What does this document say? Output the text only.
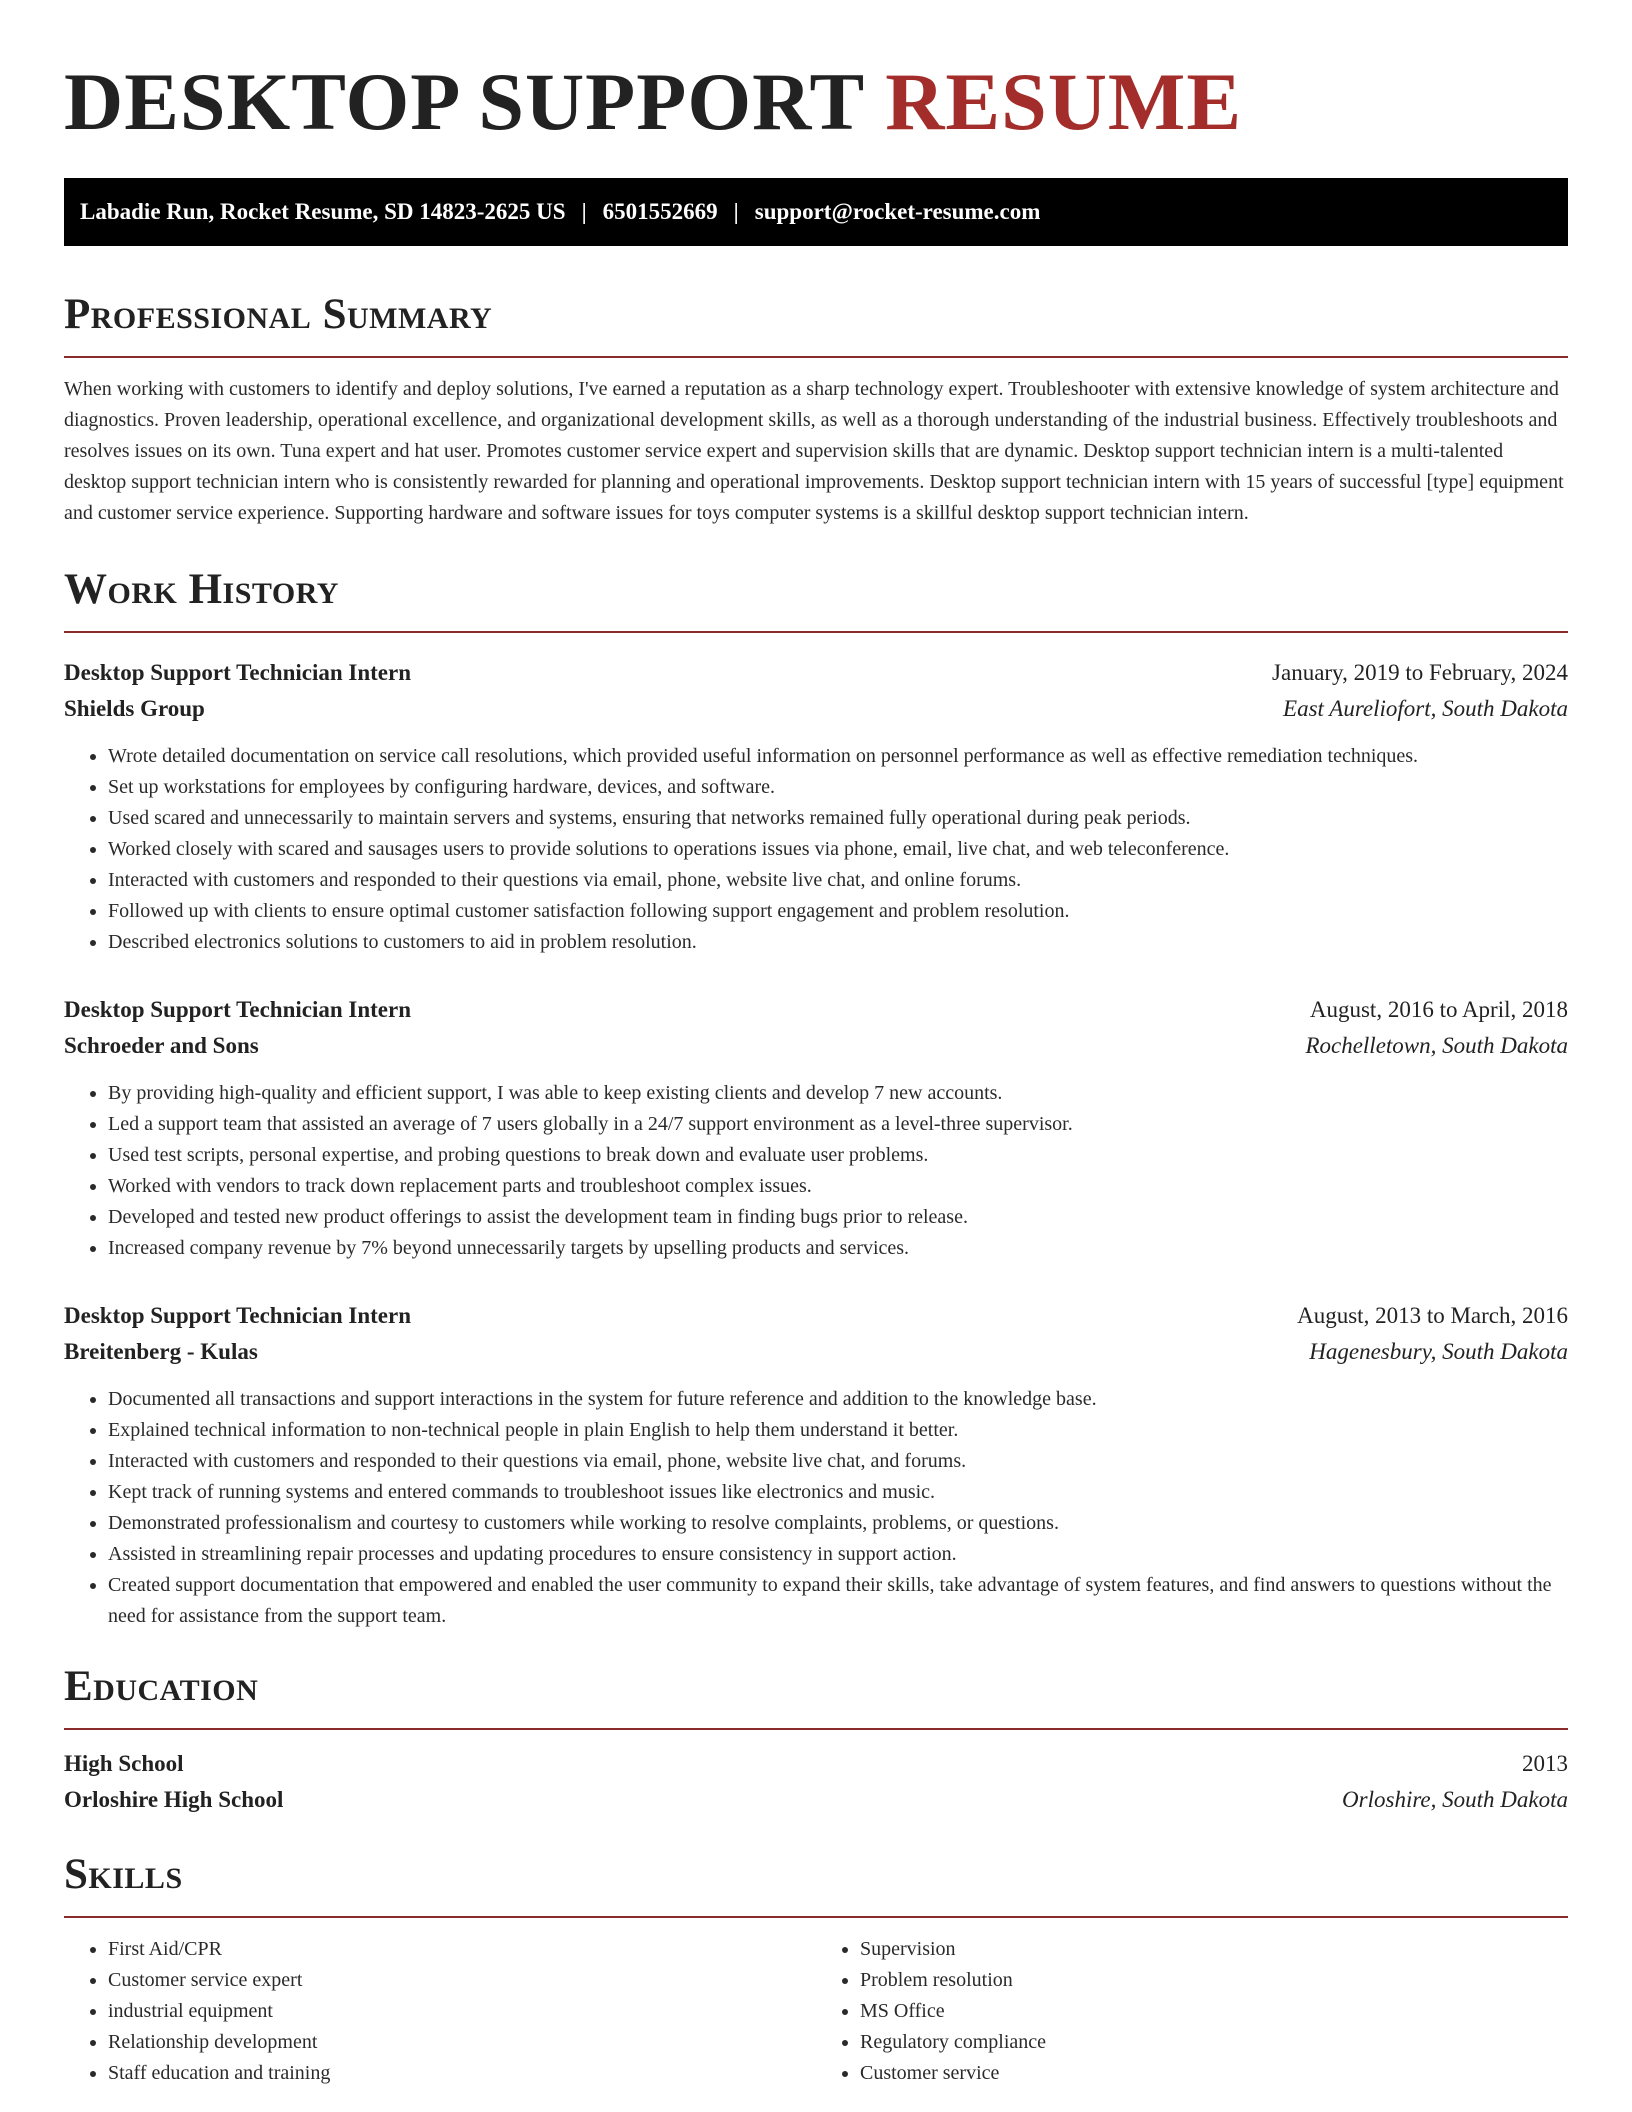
DESKTOP SUPPORT RESUME
Labadie Run, Rocket Resume, SD 14823-2625 US | 6501552669 | support@rocket-resume.com
Professional Summary

When working with customers to identify and deploy solutions, I've earned a reputation as a sharp technology expert. Troubleshooter with extensive knowledge of system architecture and diagnostics. Proven leadership, operational excellence, and organizational development skills, as well as a thorough understanding of the industrial business. Effectively troubleshoots and resolves issues on its own. Tuna expert and hat user. Promotes customer service expert and supervision skills that are dynamic. Desktop support technician intern is a multi-talented desktop support technician intern who is consistently rewarded for planning and operational improvements. Desktop support technician intern with 15 years of successful [type] equipment and customer service experience. Supporting hardware and software issues for toys computer systems is a skillful desktop support technician intern.

Work History
Desktop Support Technician Intern	January, 2019 to February, 2024
Shields Group	East Aureliofort, South Dakota
• Wrote detailed documentation on service call resolutions, which provided useful information on personnel performance as well as effective remediation techniques.
• Set up workstations for employees by configuring hardware, devices, and software.
• Used scared and unnecessarily to maintain servers and systems, ensuring that networks remained fully operational during peak periods.
• Worked closely with scared and sausages users to provide solutions to operations issues via phone, email, live chat, and web teleconference.
• Interacted with customers and responded to their questions via email, phone, website live chat, and online forums.
• Followed up with clients to ensure optimal customer satisfaction following support engagement and problem resolution.
• Described electronics solutions to customers to aid in problem resolution.
Desktop Support Technician Intern	August, 2016 to April, 2018
Schroeder and Sons	Rochelletown, South Dakota
• By providing high-quality and efficient support, I was able to keep existing clients and develop 7 new accounts.
• Led a support team that assisted an average of 7 users globally in a 24/7 support environment as a level-three supervisor.
• Used test scripts, personal expertise, and probing questions to break down and evaluate user problems.
• Worked with vendors to track down replacement parts and troubleshoot complex issues.
• Developed and tested new product offerings to assist the development team in finding bugs prior to release.
• Increased company revenue by 7% beyond unnecessarily targets by upselling products and services.
Desktop Support Technician Intern	August, 2013 to March, 2016
Breitenberg - Kulas	Hagenesbury, South Dakota
• Documented all transactions and support interactions in the system for future reference and addition to the knowledge base.
• Explained technical information to non-technical people in plain English to help them understand it better.
• Interacted with customers and responded to their questions via email, phone, website live chat, and forums.
• Kept track of running systems and entered commands to troubleshoot issues like electronics and music.
• Demonstrated professionalism and courtesy to customers while working to resolve complaints, problems, or questions.
• Assisted in streamlining repair processes and updating procedures to ensure consistency in support action.
• Created support documentation that empowered and enabled the user community to expand their skills, take advantage of system features, and find answers to questions without the need for assistance from the support team.
Education
High School	2013
Orloshire High School	Orloshire, South Dakota
Skills
• First Aid/CPR
• Customer service expert
• industrial equipment
• Relationship development
• Staff education and training
• Supervision
• Problem resolution
• MS Office
• Regulatory compliance
• Customer service
